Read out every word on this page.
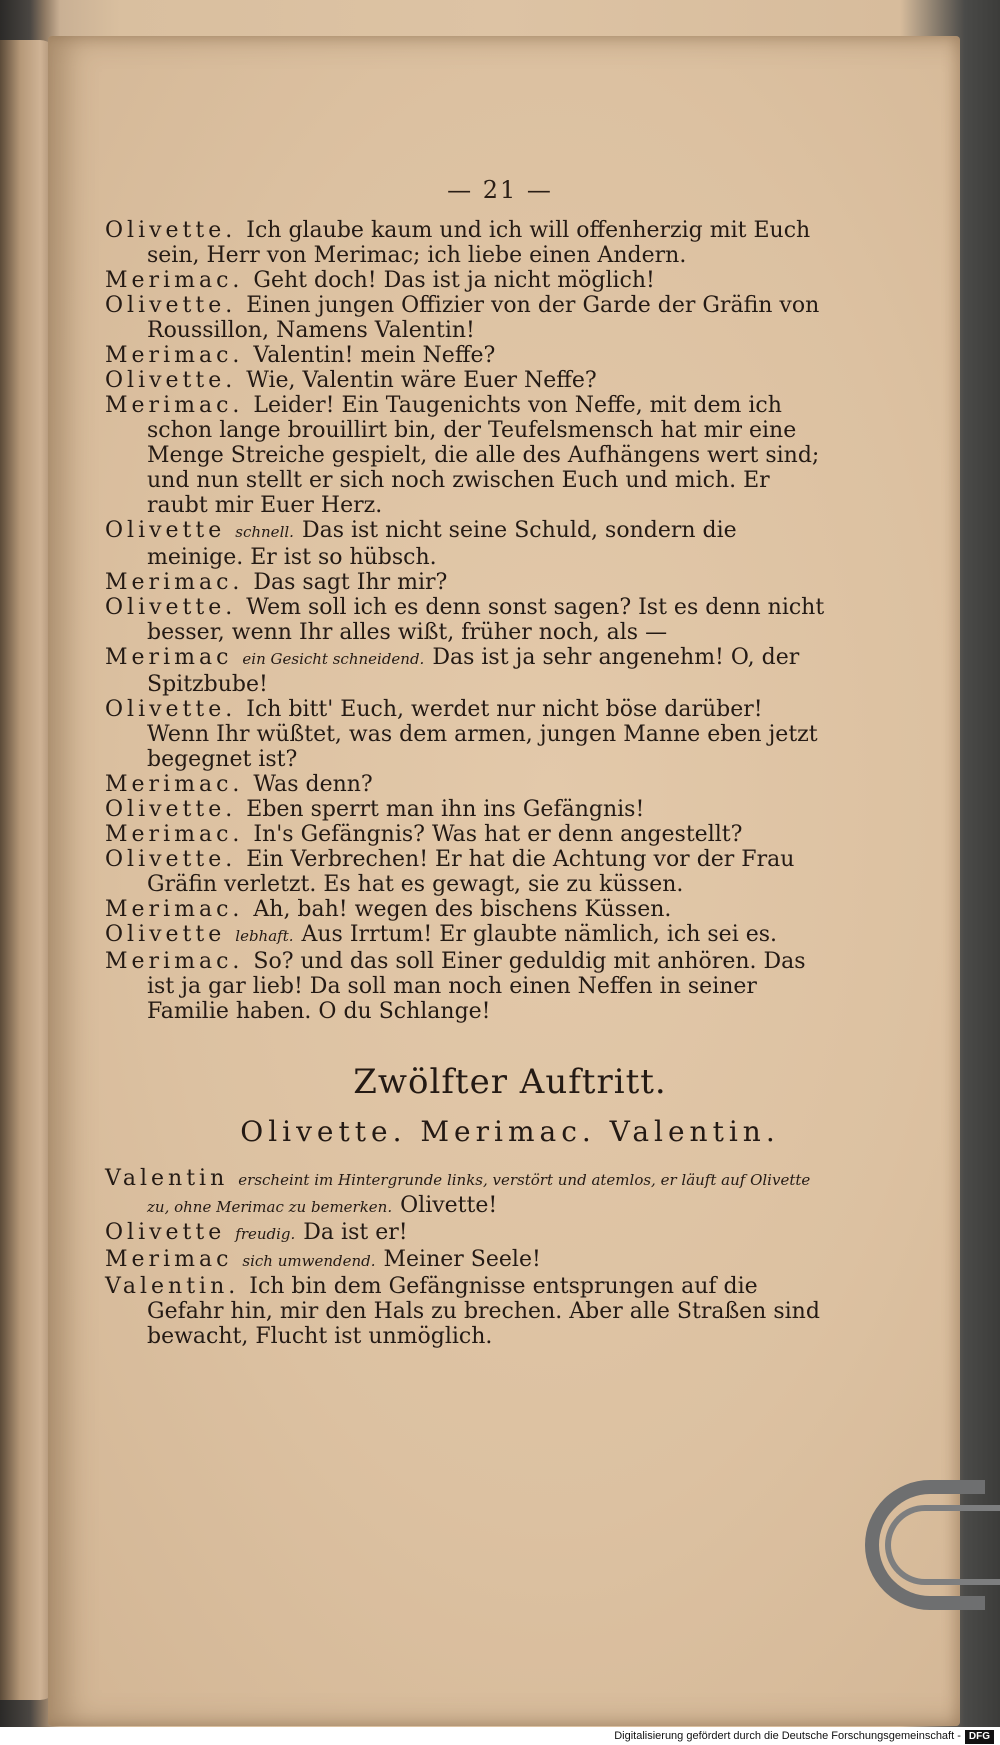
— 21 —

Olivette. Ich glaube kaum und ich will offenherzig mit Euch sein, Herr von Merimac; ich liebe einen Andern.

Merimac. Geht doch! Das ist ja nicht möglich!

Olivette. Einen jungen Offizier von der Garde der Gräfin von Roussillon, Namens Valentin!

Merimac. Valentin! mein Neffe?

Olivette. Wie, Valentin wäre Euer Neffe?

Merimac. Leider! Ein Taugenichts von Neffe, mit dem ich schon lange brouillirt bin, der Teufelsmensch hat mir eine Menge Streiche gespielt, die alle des Aufhängens wert sind; und nun stellt er sich noch zwischen Euch und mich. Er raubt mir Euer Herz.

Olivette schnell. Das ist nicht seine Schuld, sondern die meinige. Er ist so hübsch.

Merimac. Das sagt Ihr mir?

Olivette. Wem soll ich es denn sonst sagen? Ist es denn nicht besser, wenn Ihr alles wißt, früher noch, als —

Merimac ein Gesicht schneidend. Das ist ja sehr angenehm! O, der Spitzbube!

Olivette. Ich bitt' Euch, werdet nur nicht böse darüber! Wenn Ihr wüßtet, was dem armen, jungen Manne eben jetzt begegnet ist?

Merimac. Was denn?

Olivette. Eben sperrt man ihn ins Gefängnis!

Merimac. In's Gefängnis? Was hat er denn angestellt?

Olivette. Ein Verbrechen! Er hat die Achtung vor der Frau Gräfin verletzt. Es hat es gewagt, sie zu küssen.

Merimac. Ah, bah! wegen des bischens Küssen.

Olivette lebhaft. Aus Irrtum! Er glaubte nämlich, ich sei es.

Merimac. So? und das soll Einer geduldig mit anhören. Das ist ja gar lieb! Da soll man noch einen Neffen in seiner Familie haben. O du Schlange!

Zwölfter Auftritt.
Olivette. Merimac. Valentin.

Valentin erscheint im Hintergrunde links, verstört und atemlos, er läuft auf Olivette zu, ohne Merimac zu bemerken. Olivette!

Olivette freudig. Da ist er!

Merimac sich umwendend. Meiner Seele!

Valentin. Ich bin dem Gefängnisse entsprungen auf die Gefahr hin, mir den Hals zu brechen. Aber alle Straßen sind bewacht, Flucht ist unmöglich.

Digitalisierung gefördert durch die Deutsche Forschungsgemeinschaft - DFG
